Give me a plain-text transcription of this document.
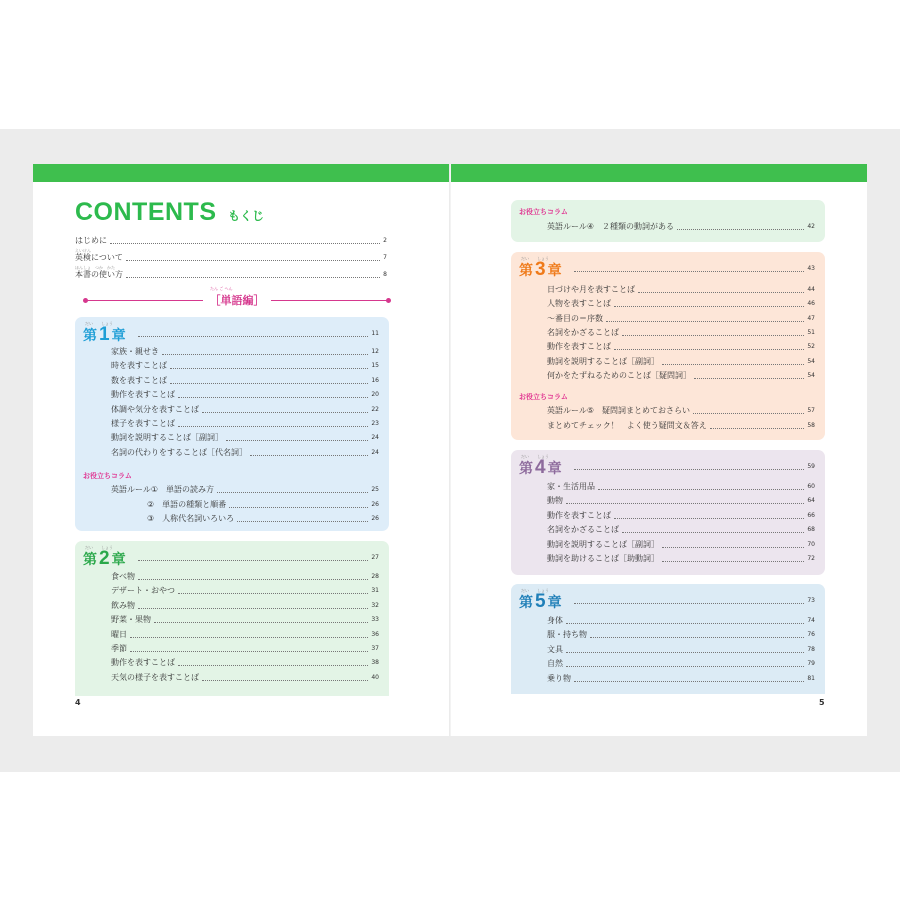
CONTENTS もくじ
はじめに	2
えいけん
英検について	7
ほんしょ　つか　かた
本書の使い方	8
たん ご へん
［単語編］
だい　　しょう
第 1 章	11
家族・親せき	12
時を表すことば	15
数を表すことば	16
動作を表すことば	20
体調や気分を表すことば	22
様子を表すことば	23
動詞を説明することば［副詞］	24
名詞の代わりをすることば［代名詞］	24
お役立ちコラム
英語ルール①　単語の読み方	25
②　単語の種類と順番	26
③　人称代名詞いろいろ	26
だい　　しょう
第 2 章	27
食べ物	28
デザート・おやつ	31
飲み物	32
野菜・果物	33
曜日	36
季節	37
動作を表すことば	38
天気の様子を表すことば	40
4
お役立ちコラム
英語ルール④　２種類の動詞がある	42
だい　　しょう
第 3 章	43
日づけや月を表すことば	44
人物を表すことば	46
～番目の＝序数	47
名詞をかざることば	51
動作を表すことば	52
動詞を説明することば［副詞］	54
何かをたずねるためのことば［疑問詞］	54
お役立ちコラム
英語ルール⑤　疑問詞まとめておさらい	57
まとめてチェック！　よく使う疑問文＆答え	58
だい　　しょう
第 4 章	59
家・生活用品	60
動物	64
動作を表すことば	66
名詞をかざることば	68
動詞を説明することば［副詞］	70
動詞を助けることば［助動詞］	72
だい　　しょう
第 5 章	73
身体	74
服・持ち物	76
文具	78
自然	79
乗り物	81
5
